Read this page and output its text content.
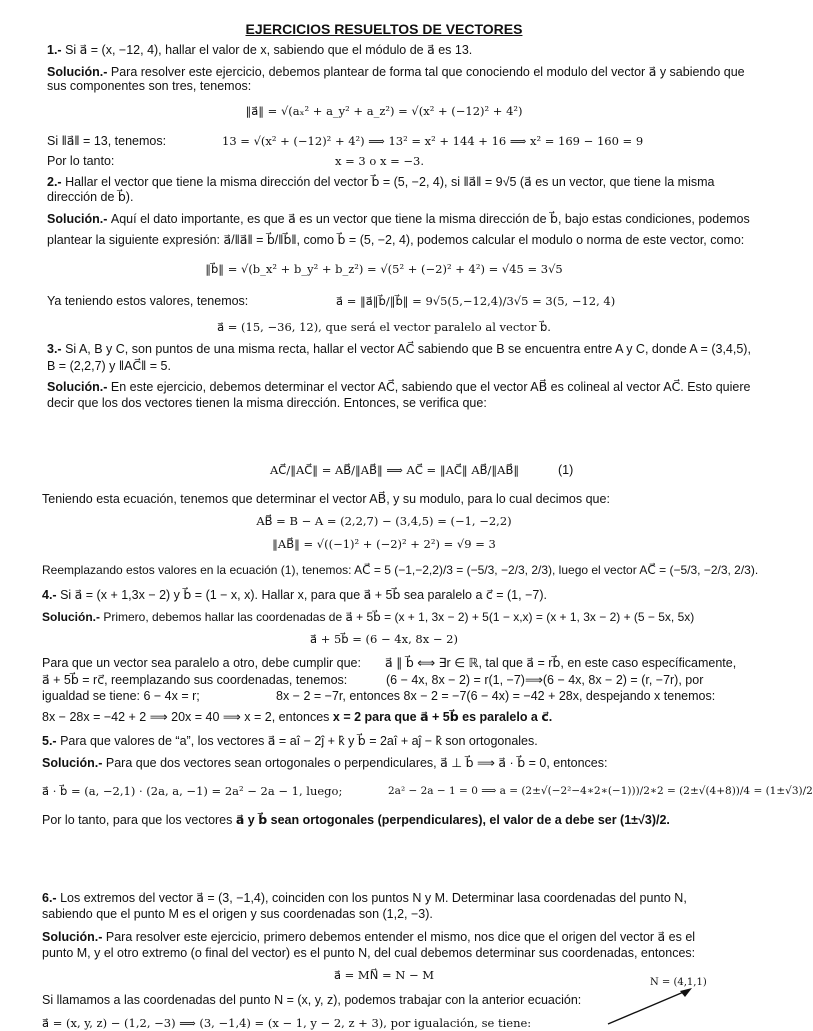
EJERCICIOS RESUELTOS DE VECTORES
1.- Si a⃗ = (x, −12, 4), hallar el valor de x, sabiendo que el módulo de a⃗ es 13.
Solución.- Para resolver este ejercicio, debemos plantear de forma tal que conociendo el modulo del vector a⃗ y sabiendo que
sus componentes son tres, tenemos:
‖a⃗‖ = √(aₓ² + a_y² + a_z²) = √(x² + (−12)² + 4²)
Si ‖a⃗‖ = 13, tenemos:	13 = √(x² + (−12)² + 4²) ⟹ 13² = x² + 144 + 16 ⟹ x² = 169 − 160 = 9
Por lo tanto:	x = 3 o x = −3.
2.- Hallar el vector que tiene la misma dirección del vector b⃗ = (5, −2, 4), si ‖a⃗‖ = 9√5 (a⃗ es un vector, que tiene la misma
dirección de b⃗).
Solución.- Aquí el dato importante, es que a⃗ es un vector que tiene la misma dirección de b⃗, bajo estas condiciones, podemos
plantear la siguiente expresión: a⃗/‖a⃗‖ = b⃗/‖b⃗‖, como b⃗ = (5, −2, 4), podemos calcular el modulo o norma de este vector, como:
‖b⃗‖ = √(b_x² + b_y² + b_z²) = √(5² + (−2)² + 4²) = √45 = 3√5
Ya teniendo estos valores, tenemos:	a⃗ = ‖a⃗‖b⃗/‖b⃗‖ = 9√5(5,−12,4)/3√5 = 3(5, −12, 4)
a⃗ = (15, −36, 12), que será el vector paralelo al vector b⃗.
3.- Si A, B y C, son puntos de una misma recta, hallar el vector AC⃗ sabiendo que B se encuentra entre A y C, donde A = (3,4,5),
B = (2,2,7) y ‖AC⃗‖ = 5.
Solución.- En este ejercicio, debemos determinar el vector AC⃗, sabiendo que el vector AB⃗ es colineal al vector AC⃗. Esto quiere
decir que los dos vectores tienen la misma dirección. Entonces, se verifica que:
AC⃗/‖AC⃗‖ = AB⃗/‖AB⃗‖ ⟹ AC⃗ = ‖AC⃗‖ AB⃗/‖AB⃗‖	(1)
Teniendo esta ecuación, tenemos que determinar el vector AB⃗, y su modulo, para lo cual decimos que:
AB⃗ = B − A = (2,2,7) − (3,4,5) = (−1, −2,2)
‖AB⃗‖ = √((−1)² + (−2)² + 2²) = √9 = 3
Reemplazando estos valores en la ecuación (1), tenemos: AC⃗ = 5 (−1,−2,2)/3 = (−5/3, −2/3, 2/3), luego el vector AC⃗ = (−5/3, −2/3, 2/3).
4.- Si a⃗ = (x + 1,3x − 2) y b⃗ = (1 − x, x). Hallar x, para que a⃗ + 5b⃗ sea paralelo a c⃗ = (1, −7).
Solución.- Primero, debemos hallar las coordenadas de a⃗ + 5b⃗ = (x + 1, 3x − 2) + 5(1 − x,x) = (x + 1, 3x − 2) + (5 − 5x, 5x)
a⃗ + 5b⃗ = (6 − 4x, 8x − 2)
Para que un vector sea paralelo a otro, debe cumplir que: a⃗ ∥ b⃗ ⟺ ∃r ∈ ℝ, tal que a⃗ = rb⃗, en este caso específicamente,
a⃗ + 5b⃗ = rc⃗, reemplazando sus coordenadas, tenemos:	(6 − 4x, 8x − 2) = r(1, −7)⟹(6 − 4x, 8x − 2) = (r, −7r), por
igualdad se tiene: 6 − 4x = r;	8x − 2 = −7r, entonces 8x − 2 = −7(6 − 4x) = −42 + 28x, despejando x tenemos:
8x − 28x = −42 + 2 ⟹ 20x = 40 ⟹ x = 2, entonces x = 2 para que a⃗ + 5b⃗ es paralelo a c⃗.
5.- Para que valores de “a”, los vectores a⃗ = aî − 2ĵ + k̂ y b⃗ = 2aî + aĵ − k̂ son ortogonales.
Solución.- Para que dos vectores sean ortogonales o perpendiculares, a⃗ ⊥ b⃗ ⟹ a⃗ · b⃗ = 0, entonces:
a⃗ · b⃗ = (a, −2,1) · (2a, a, −1) = 2a² − 2a − 1, luego;	2a² − 2a − 1 = 0 ⟹ a = (2±√(−2²−4∗2∗(−1)))/2∗2 = (2±√(4+8))/4 = (1±√3)/2
Por lo tanto, para que los vectores a⃗ y b⃗ sean ortogonales (perpendiculares), el valor de a debe ser (1±√3)/2.
6.- Los extremos del vector a⃗ = (3, −1,4), coinciden con los puntos N y M. Determinar lasa coordenadas del punto N,
sabiendo que el punto M es el origen y sus coordenadas son (1,2, −3).
Solución.- Para resolver este ejercicio, primero debemos entender el mismo, nos dice que el origen del vector a⃗ es el
punto M, y el otro extremo (o final del vector) es el punto N, del cual debemos determinar sus coordenadas, entonces:
a⃗ = MN⃗ = N − M
N = (4,1,1)
Si llamamos a las coordenadas del punto N = (x, y, z), podemos trabajar con la anterior ecuación:
a⃗ = (x, y, z) − (1,2, −3) ⟹ (3, −1,4) = (x − 1, y − 2, z + 3), por igualación, se tiene:
